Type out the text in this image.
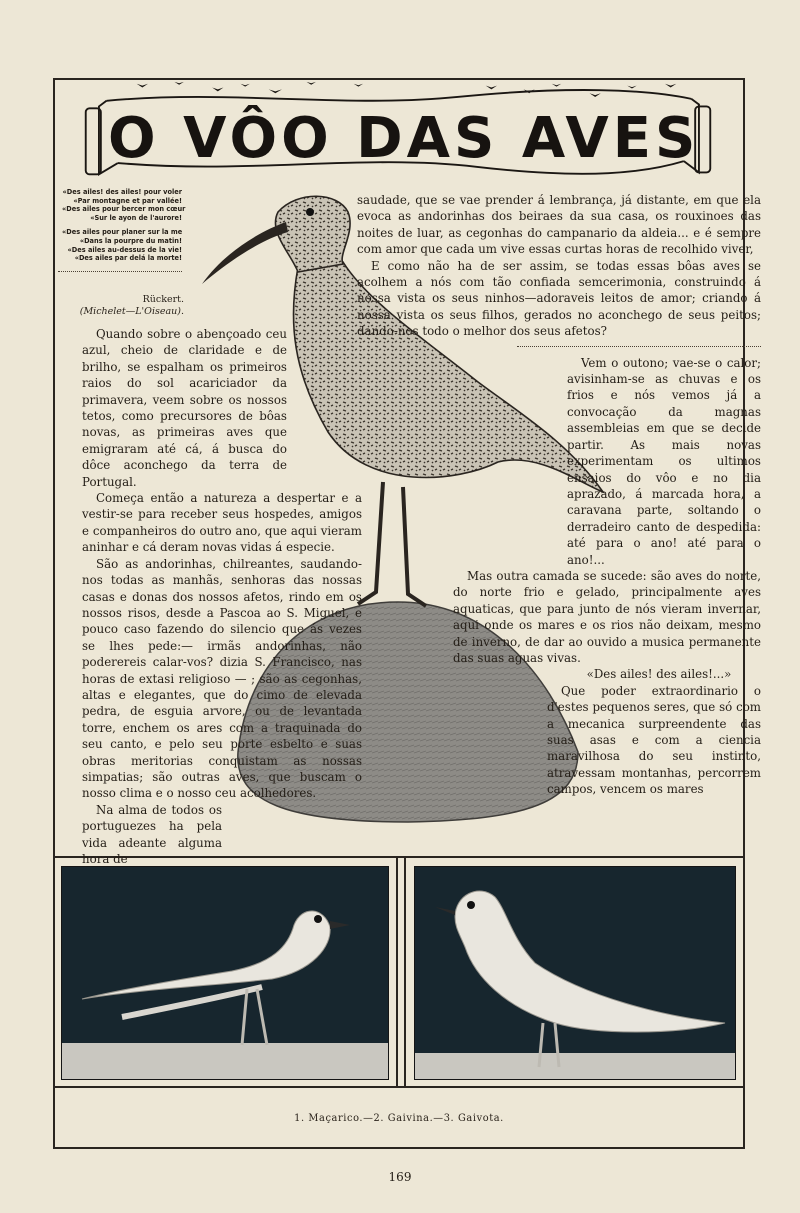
O VÔO DAS AVES
«Des ailes! des ailes! pour voler
«Par montagne et par vallée!
«Des ailes pour bercer mon cœur
«Sur le ayon de l'aurore!
«Des ailes pour planer sur la me
«Dans la pourpre du matin!
«Des ailes au-dessus de la vie!
«Des ailes par delá la morte!
Rückert.
(Michelet—L'Oiseau).

Quando sobre o abençoado ceu azul, cheio de claridade e de brilho, se espalham os primeiros raios do sol acariciador da primavera, veem sobre os nossos tetos, como precursores de bôas novas, as primeiras aves que emigraram até cá, á busca do dôce aconchego da terra de Portugal.

Começa então a natureza a despertar e a vestir-se para receber seus hospedes, amigos e companheiros do outro ano, que aqui vieram aninhar e cá deram novas vidas á especie.

São as andorinhas, chilreantes, saudando-nos todas as manhãs, senhoras das nossas casas e donas dos nossos afetos, rindo em os nossos risos, desde a Pascoa ao S. Miguel, e pouco caso fazendo do silencio que ás vezes se lhes pede:— irmãs andorinhas, não poderereis calar-vos? dizia S. Francisco, nas horas de extasi religioso — ; são as cegonhas, altas e elegantes, que do cimo de elevada pedra, de esguia arvore, ou de levantada torre, enchem os ares com a traquinada do seu canto, e pelo seu porte esbelto e suas obras meritorias conquistam as nossas simpatias; são outras aves, que buscam o nosso clima e o nosso ceu acolhedores.

Na alma de todos os portuguezes ha pela vida adeante alguma hora de

saudade, que se vae prender á lembrança, já distante, em que ela evoca as andorinhas dos beiraes da sua casa, os rouxinoes das noites de luar, as cegonhas do campanario da aldeia... e é sempre com amor que cada um vive essas curtas horas de recolhido viver,

E como não ha de ser assim, se todas essas bôas aves se acolhem a nós com tão confiada semcerimonia, construindo á nossa vista os seus ninhos—adoraveis leitos de amor; criando á nossa vista os seus filhos, gerados no aconchego de seus peitos; dando-nos todo o melhor dos seus afetos?

Vem o outono; vae-se o calor; avisinham-se as chuvas e os frios e nós vemos já a convocação da magnas assembleias em que se decide partir. As mais novas experimentam os ultimos ensaios do vôo e no dia aprazado, á marcada hora, a caravana parte, soltando o derradeiro canto de despedida: até para o ano! até para o ano!...

Mas outra camada se sucede: são aves do norte, do norte frio e gelado, principalmente aves aquaticas, que para junto de nós vieram invernar, aqui onde os mares e os rios não deixam, mesmo de inverno, de dar ao ouvido a musica permanente das suas aguas vivas.

«Des ailes! des ailes!...»

Que poder extraordinario o d'estes pequenos seres, que só com a mecanica surpreendente das suas asas e com a ciencia maravilhosa do seu instinto, atravessam montanhas, percorrem campos, vencem os mares

1. Maçarico.—2. Gaivina.—3. Gaivota.
169
